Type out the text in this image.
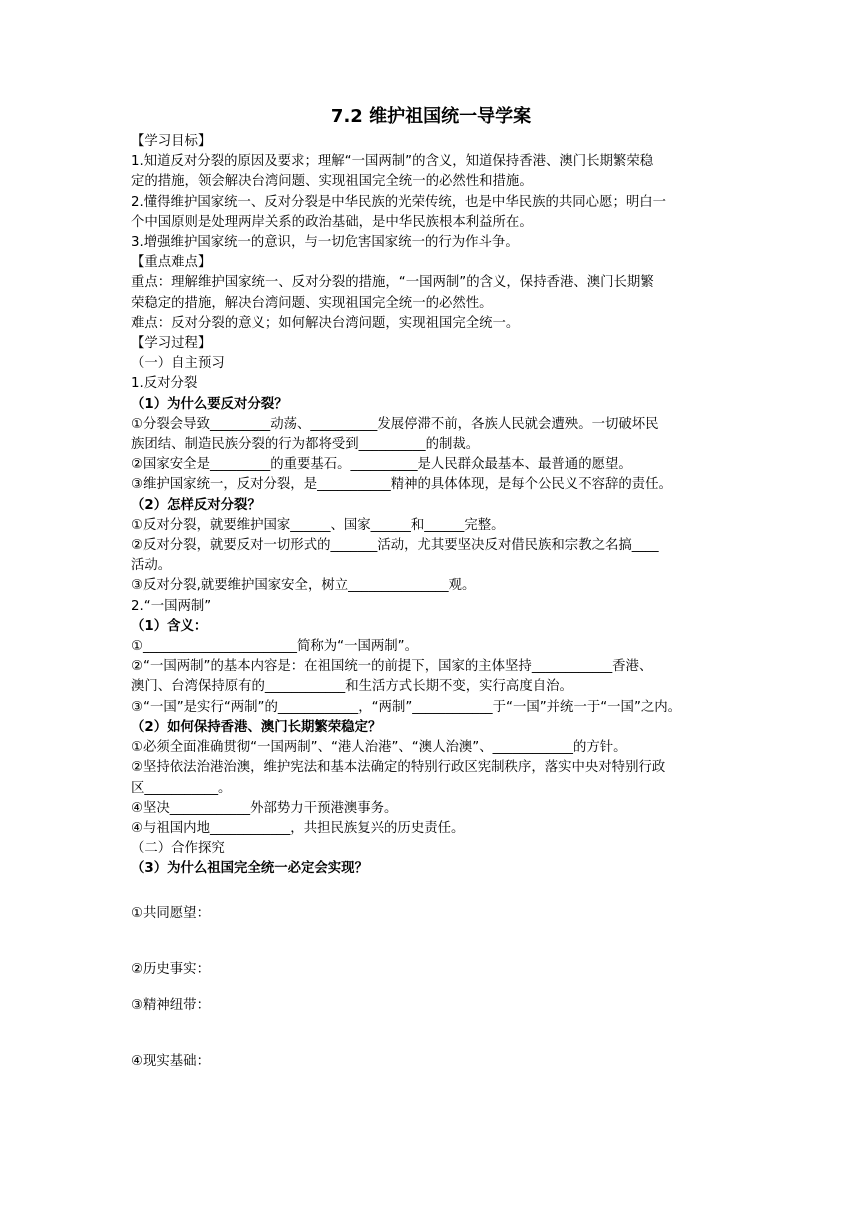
7.2 维护祖国统一导学案
【学习目标】
1.知道反对分裂的原因及要求；理解“一国两制”的含义，知道保持香港、澳门长期繁荣稳
定的措施，领会解决台湾问题、实现祖国完全统一的必然性和措施。
2.懂得维护国家统一、反对分裂是中华民族的光荣传统，也是中华民族的共同心愿；明白一
个中国原则是处理两岸关系的政治基础，是中华民族根本利益所在。
3.增强维护国家统一的意识，与一切危害国家统一的行为作斗争。
【重点难点】
重点：理解维护国家统一、反对分裂的措施，“一国两制”的含义，保持香港、澳门长期繁
荣稳定的措施，解决台湾问题、实现祖国完全统一的必然性。
难点：反对分裂的意义；如何解决台湾问题，实现祖国完全统一。
【学习过程】
（一）自主预习
1.反对分裂
（1）为什么要反对分裂？
①分裂会导致_________动荡、__________发展停滞不前，各族人民就会遭殃。一切破坏民
族团结、制造民族分裂的行为都将受到__________的制裁。
②国家安全是_________的重要基石。__________是人民群众最基本、最普通的愿望。
③维护国家统一，反对分裂，是___________精神的具体体现，是每个公民义不容辞的责任。
（2）怎样反对分裂？
①反对分裂，就要维护国家______、国家______和______完整。
②反对分裂，就要反对一切形式的_______活动，尤其要坚决反对借民族和宗教之名搞____
活动。
③反对分裂,就要维护国家安全，树立_______________观。
2.“一国两制”
（1）含义：
①_______________________简称为“一国两制”。
②“一国两制”的基本内容是：在祖国统一的前提下，国家的主体坚持____________香港、
澳门、台湾保持原有的____________和生活方式长期不变，实行高度自治。
③“一国”是实行“两制”的____________，“两制”____________于“一国”并统一于“一国”之内。
（2）如何保持香港、澳门长期繁荣稳定？
①必须全面准确贯彻“一国两制”、“港人治港”、“澳人治澳”、____________的方针。
②坚持依法治港治澳，维护宪法和基本法确定的特别行政区宪制秩序，落实中央对特别行政
区___________。
④坚决____________外部势力干预港澳事务。
④与祖国内地____________，共担民族复兴的历史责任。
（二）合作探究
（3）为什么祖国完全统一必定会实现？
①共同愿望：
②历史事实：
③精神纽带：
④现实基础：
